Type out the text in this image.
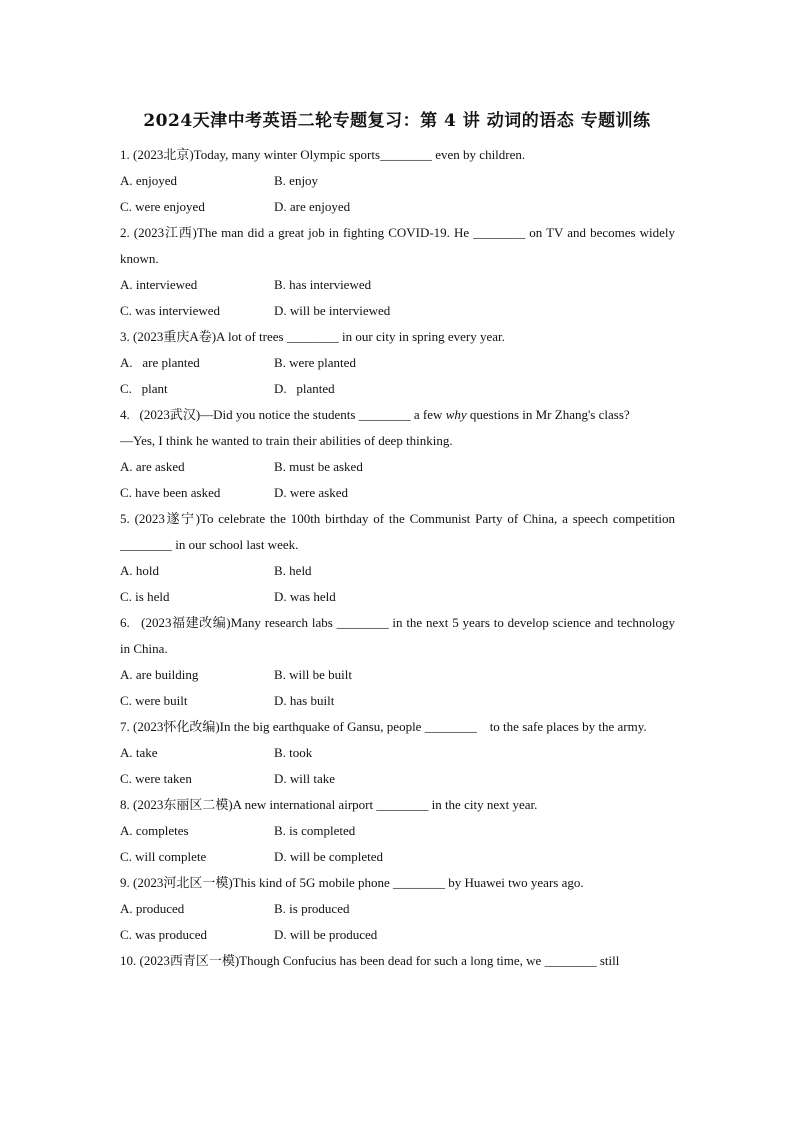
2024天津中考英语二轮专题复习：第 4 讲 动词的语态 专题训练
1. (2023北京)Today, many winter Olympic sports________ even by children.
A. enjoyed	B. enjoy
C. were enjoyed	D. are enjoyed
2. (2023江西)The man did a great job in fighting COVID-19. He ________ on TV and becomes widely known.
A. interviewed	B. has interviewed
C. was interviewed	D. will be interviewed
3. (2023重庆A卷)A lot of trees ________ in our city in spring every year.
A.   are planted	B. were planted
C.   plant	D.   planted
4.   (2023武汉)—Did you notice the students ________ a few why questions in Mr Zhang's class?
—Yes, I think he wanted to train their abilities of deep thinking.
A. are asked	B. must be asked
C. have been asked	D. were asked
5. (2023遂宁)To celebrate the 100th birthday of the Communist Party of China, a speech competition ________ in our school last week.
A. hold	B. held
C. is held	D. was held
6.   (2023福建改编)Many research labs ________ in the next 5 years to develop science and technology in China.
A. are building	B. will be built
C. were built	D. has built
7. (2023怀化改编)In the big earthquake of Gansu, people ________    to the safe places by the army.
A. take	B. took
C. were taken	D. will take
8. (2023东丽区二模)A new international airport ________ in the city next year.
A. completes	B. is completed
C. will complete	D. will be completed
9. (2023河北区一模)This kind of 5G mobile phone ________ by Huawei two years ago.
A. produced	B. is produced
C. was produced	D. will be produced
10. (2023西青区一模)Though Confucius has been dead for such a long time, we ________ still
